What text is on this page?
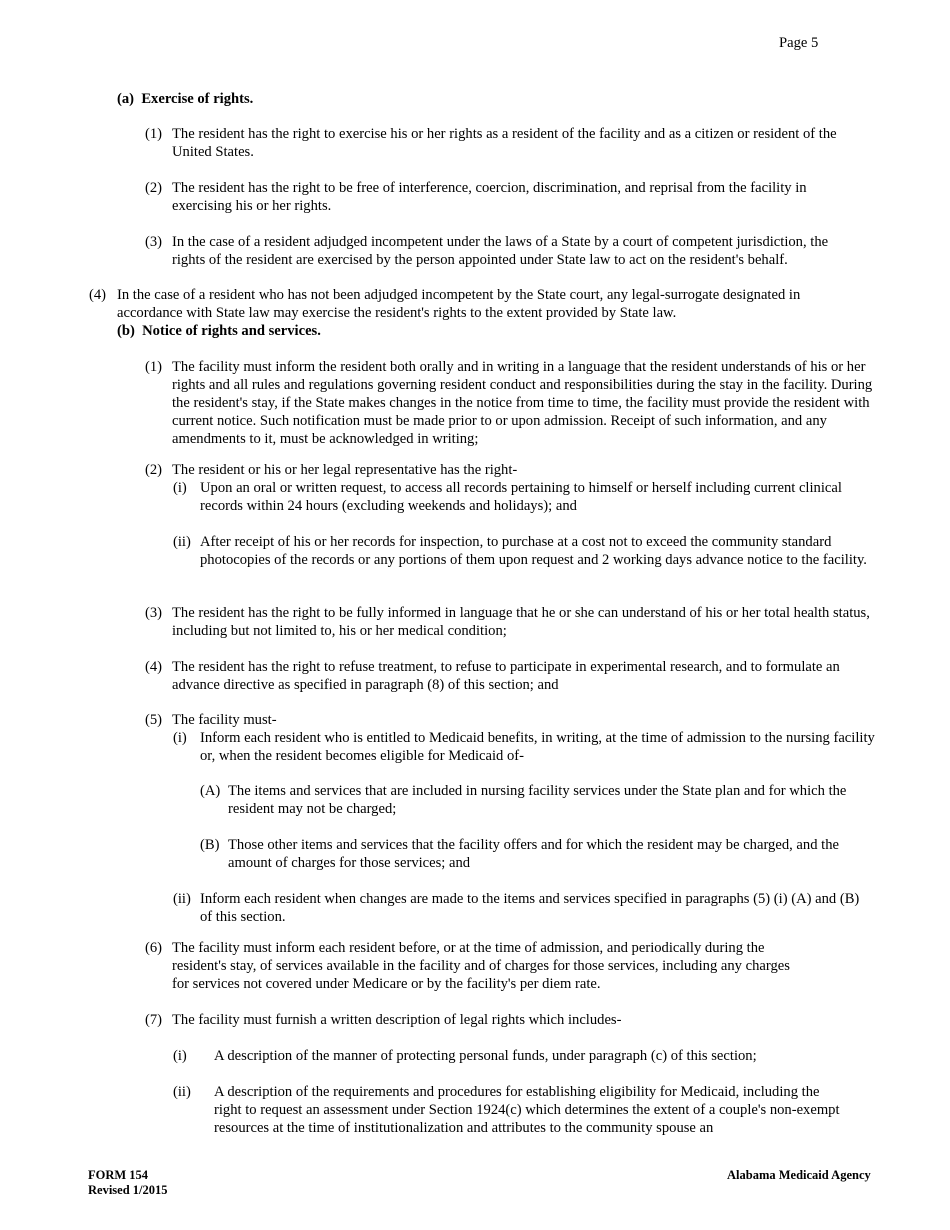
Page 5
(a) Exercise of rights.
(1) The resident has the right to exercise his or her rights as a resident of the facility and as a citizen or resident of the United States.
(2) The resident has the right to be free of interference, coercion, discrimination, and reprisal from the facility in exercising his or her rights.
(3) In the case of a resident adjudged incompetent under the laws of a State by a court of competent jurisdiction, the rights of the resident are exercised by the person appointed under State law to act on the resident's behalf.
(4) In the case of a resident who has not been adjudged incompetent by the State court, any legal-surrogate designated in accordance with State law may exercise the resident's rights to the extent provided by State law.
(b) Notice of rights and services.
(1) The facility must inform the resident both orally and in writing in a language that the resident understands of his or her rights and all rules and regulations governing resident conduct and responsibilities during the stay in the facility. During the resident's stay, if the State makes changes in the notice from time to time, the facility must provide the resident with current notice. Such notification must be made prior to or upon admission. Receipt of such information, and any amendments to it, must be acknowledged in writing;
(2) The resident or his or her legal representative has the right-
(i) Upon an oral or written request, to access all records pertaining to himself or herself including current clinical records within 24 hours (excluding weekends and holidays); and
(ii) After receipt of his or her records for inspection, to purchase at a cost not to exceed the community standard photocopies of the records or any portions of them upon request and 2 working days advance notice to the facility.
(3) The resident has the right to be fully informed in language that he or she can understand of his or her total health status, including but not limited to, his or her medical condition;
(4) The resident has the right to refuse treatment, to refuse to participate in experimental research, and to formulate an advance directive as specified in paragraph (8) of this section; and
(5) The facility must-
(i) Inform each resident who is entitled to Medicaid benefits, in writing, at the time of admission to the nursing facility or, when the resident becomes eligible for Medicaid of-
(A) The items and services that are included in nursing facility services under the State plan and for which the resident may not be charged;
(B) Those other items and services that the facility offers and for which the resident may be charged, and the amount of charges for those services; and
(ii) Inform each resident when changes are made to the items and services specified in paragraphs (5) (i) (A) and (B) of this section.
(6) The facility must inform each resident before, or at the time of admission, and periodically during the resident's stay, of services available in the facility and of charges for those services, including any charges for services not covered under Medicare or by the facility's per diem rate.
(7) The facility must furnish a written description of legal rights which includes-
(i) A description of the manner of protecting personal funds, under paragraph (c) of this section;
(ii) A description of the requirements and procedures for establishing eligibility for Medicaid, including the right to request an assessment under Section 1924(c) which determines the extent of a couple's non-exempt resources at the time of institutionalization and attributes to the community spouse an
FORM 154
Revised 1/2015
Alabama Medicaid Agency
